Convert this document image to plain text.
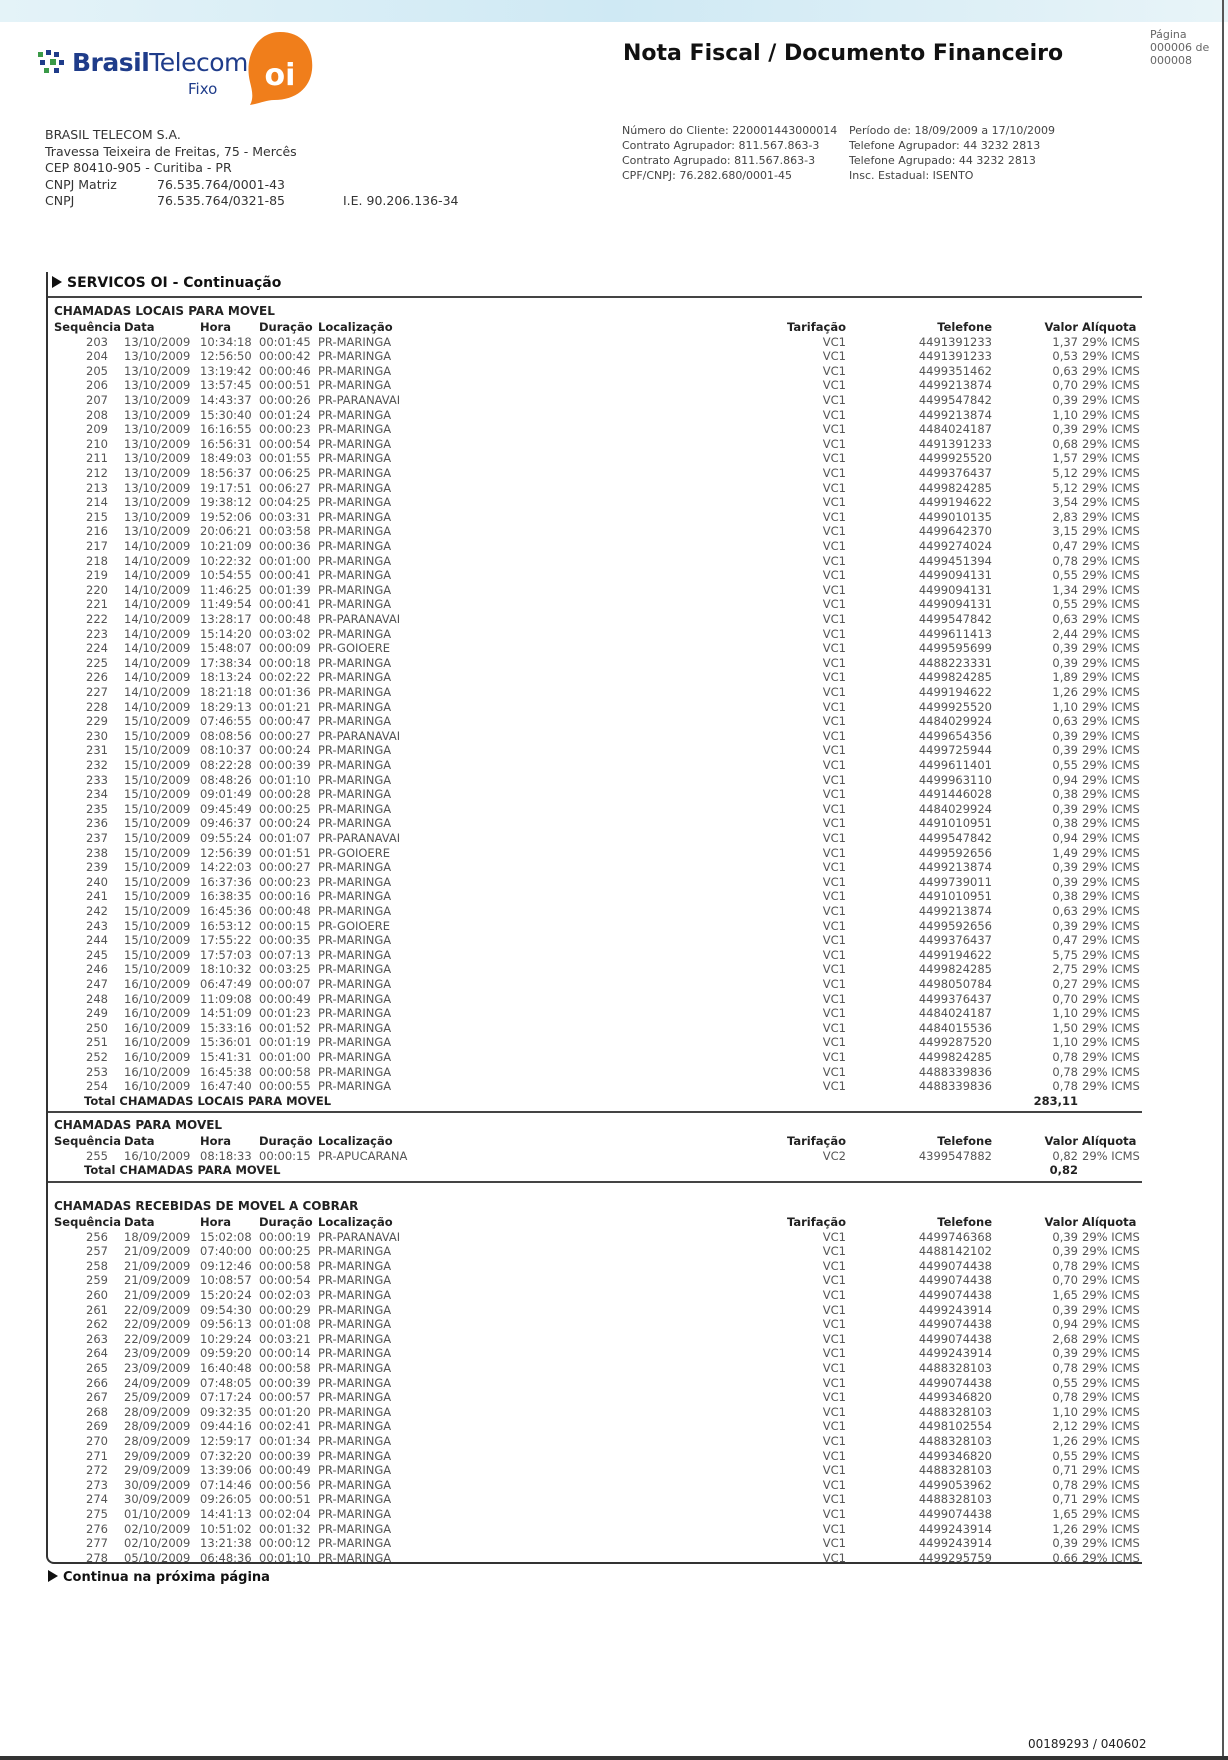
BrasilTelecom
Fixo oi
BRASIL TELECOM S.A.
Travessa Teixeira de Freitas, 75 - Mercês
CEP 80410-905 - Curitiba - PR
CNPJ Matriz	76.535.764/0001-43
CNPJ	76.535.764/0321-85	I.E. 90.206.136-34
Nota Fiscal / Documento Financeiro
Página
000006 de
000008
Número do Cliente: 220001443000014
Contrato Agrupador: 811.567.863-3
Contrato Agrupado: 811.567.863-3
CPF/CNPJ: 76.282.680/0001-45
Período de: 18/09/2009 a 17/10/2009
Telefone Agrupador: 44 3232 2813
Telefone Agrupado: 44 3232 2813
Insc. Estadual: ISENTO
SERVICOS OI - Continuação
CHAMADAS LOCAIS PARA MOVEL
Sequência Data	Hora Duração Localização	Tarifação	Telefone	Valor Alíquota
203 13/10/2009 10:34:18 00:01:45 PR-MARINGA	VC1	4491391233	1,37 29% ICMS
204 13/10/2009 12:56:50 00:00:42 PR-MARINGA	VC1	4491391233	0,53 29% ICMS
205 13/10/2009 13:19:42 00:00:46 PR-MARINGA	VC1	4499351462	0,63 29% ICMS
206 13/10/2009 13:57:45 00:00:51 PR-MARINGA	VC1	4499213874	0,70 29% ICMS
207 13/10/2009 14:43:37 00:00:26 PR-PARANAVAI	VC1	4499547842	0,39 29% ICMS
208 13/10/2009 15:30:40 00:01:24 PR-MARINGA	VC1	4499213874	1,10 29% ICMS
209 13/10/2009 16:16:55 00:00:23 PR-MARINGA	VC1	4484024187	0,39 29% ICMS
210 13/10/2009 16:56:31 00:00:54 PR-MARINGA	VC1	4491391233	0,68 29% ICMS
211 13/10/2009 18:49:03 00:01:55 PR-MARINGA	VC1	4499925520	1,57 29% ICMS
212 13/10/2009 18:56:37 00:06:25 PR-MARINGA	VC1	4499376437	5,12 29% ICMS
213 13/10/2009 19:17:51 00:06:27 PR-MARINGA	VC1	4499824285	5,12 29% ICMS
214 13/10/2009 19:38:12 00:04:25 PR-MARINGA	VC1	4499194622	3,54 29% ICMS
215 13/10/2009 19:52:06 00:03:31 PR-MARINGA	VC1	4499010135	2,83 29% ICMS
216 13/10/2009 20:06:21 00:03:58 PR-MARINGA	VC1	4499642370	3,15 29% ICMS
217 14/10/2009 10:21:09 00:00:36 PR-MARINGA	VC1	4499274024	0,47 29% ICMS
218 14/10/2009 10:22:32 00:01:00 PR-MARINGA	VC1	4499451394	0,78 29% ICMS
219 14/10/2009 10:54:55 00:00:41 PR-MARINGA	VC1	4499094131	0,55 29% ICMS
220 14/10/2009 11:46:25 00:01:39 PR-MARINGA	VC1	4499094131	1,34 29% ICMS
221 14/10/2009 11:49:54 00:00:41 PR-MARINGA	VC1	4499094131	0,55 29% ICMS
222 14/10/2009 13:28:17 00:00:48 PR-PARANAVAI	VC1	4499547842	0,63 29% ICMS
223 14/10/2009 15:14:20 00:03:02 PR-MARINGA	VC1	4499611413	2,44 29% ICMS
224 14/10/2009 15:48:07 00:00:09 PR-GOIOERE	VC1	4499595699	0,39 29% ICMS
225 14/10/2009 17:38:34 00:00:18 PR-MARINGA	VC1	4488223331	0,39 29% ICMS
226 14/10/2009 18:13:24 00:02:22 PR-MARINGA	VC1	4499824285	1,89 29% ICMS
227 14/10/2009 18:21:18 00:01:36 PR-MARINGA	VC1	4499194622	1,26 29% ICMS
228 14/10/2009 18:29:13 00:01:21 PR-MARINGA	VC1	4499925520	1,10 29% ICMS
229 15/10/2009 07:46:55 00:00:47 PR-MARINGA	VC1	4484029924	0,63 29% ICMS
230 15/10/2009 08:08:56 00:00:27 PR-PARANAVAI	VC1	4499654356	0,39 29% ICMS
231 15/10/2009 08:10:37 00:00:24 PR-MARINGA	VC1	4499725944	0,39 29% ICMS
232 15/10/2009 08:22:28 00:00:39 PR-MARINGA	VC1	4499611401	0,55 29% ICMS
233 15/10/2009 08:48:26 00:01:10 PR-MARINGA	VC1	4499963110	0,94 29% ICMS
234 15/10/2009 09:01:49 00:00:28 PR-MARINGA	VC1	4491446028	0,38 29% ICMS
235 15/10/2009 09:45:49 00:00:25 PR-MARINGA	VC1	4484029924	0,39 29% ICMS
236 15/10/2009 09:46:37 00:00:24 PR-MARINGA	VC1	4491010951	0,38 29% ICMS
237 15/10/2009 09:55:24 00:01:07 PR-PARANAVAI	VC1	4499547842	0,94 29% ICMS
238 15/10/2009 12:56:39 00:01:51 PR-GOIOERE	VC1	4499592656	1,49 29% ICMS
239 15/10/2009 14:22:03 00:00:27 PR-MARINGA	VC1	4499213874	0,39 29% ICMS
240 15/10/2009 16:37:36 00:00:23 PR-MARINGA	VC1	4499739011	0,39 29% ICMS
241 15/10/2009 16:38:35 00:00:16 PR-MARINGA	VC1	4491010951	0,38 29% ICMS
242 15/10/2009 16:45:36 00:00:48 PR-MARINGA	VC1	4499213874	0,63 29% ICMS
243 15/10/2009 16:53:12 00:00:15 PR-GOIOERE	VC1	4499592656	0,39 29% ICMS
244 15/10/2009 17:55:22 00:00:35 PR-MARINGA	VC1	4499376437	0,47 29% ICMS
245 15/10/2009 17:57:03 00:07:13 PR-MARINGA	VC1	4499194622	5,75 29% ICMS
246 15/10/2009 18:10:32 00:03:25 PR-MARINGA	VC1	4499824285	2,75 29% ICMS
247 16/10/2009 06:47:49 00:00:07 PR-MARINGA	VC1	4498050784	0,27 29% ICMS
248 16/10/2009 11:09:08 00:00:49 PR-MARINGA	VC1	4499376437	0,70 29% ICMS
249 16/10/2009 14:51:09 00:01:23 PR-MARINGA	VC1	4484024187	1,10 29% ICMS
250 16/10/2009 15:33:16 00:01:52 PR-MARINGA	VC1	4484015536	1,50 29% ICMS
251 16/10/2009 15:36:01 00:01:19 PR-MARINGA	VC1	4499287520	1,10 29% ICMS
252 16/10/2009 15:41:31 00:01:00 PR-MARINGA	VC1	4499824285	0,78 29% ICMS
253 16/10/2009 16:45:38 00:00:58 PR-MARINGA	VC1	4488339836	0,78 29% ICMS
254 16/10/2009 16:47:40 00:00:55 PR-MARINGA	VC1	4488339836	0,78 29% ICMS
Total CHAMADAS LOCAIS PARA MOVEL	283,11
CHAMADAS PARA MOVEL
Sequência Data	Hora Duração Localização	Tarifação	Telefone	Valor Alíquota
255 16/10/2009 08:18:33 00:00:15 PR-APUCARANA	VC2	4399547882	0,82 29% ICMS
Total CHAMADAS PARA MOVEL	0,82
CHAMADAS RECEBIDAS DE MOVEL A COBRAR
Sequência Data	Hora Duração Localização	Tarifação	Telefone	Valor Alíquota
256 18/09/2009 15:02:08 00:00:19 PR-PARANAVAI	VC1	4499746368	0,39 29% ICMS
257 21/09/2009 07:40:00 00:00:25 PR-MARINGA	VC1	4488142102	0,39 29% ICMS
258 21/09/2009 09:12:46 00:00:58 PR-MARINGA	VC1	4499074438	0,78 29% ICMS
259 21/09/2009 10:08:57 00:00:54 PR-MARINGA	VC1	4499074438	0,70 29% ICMS
260 21/09/2009 15:20:24 00:02:03 PR-MARINGA	VC1	4499074438	1,65 29% ICMS
261 22/09/2009 09:54:30 00:00:29 PR-MARINGA	VC1	4499243914	0,39 29% ICMS
262 22/09/2009 09:56:13 00:01:08 PR-MARINGA	VC1	4499074438	0,94 29% ICMS
263 22/09/2009 10:29:24 00:03:21 PR-MARINGA	VC1	4499074438	2,68 29% ICMS
264 23/09/2009 09:59:20 00:00:14 PR-MARINGA	VC1	4499243914	0,39 29% ICMS
265 23/09/2009 16:40:48 00:00:58 PR-MARINGA	VC1	4488328103	0,78 29% ICMS
266 24/09/2009 07:48:05 00:00:39 PR-MARINGA	VC1	4499074438	0,55 29% ICMS
267 25/09/2009 07:17:24 00:00:57 PR-MARINGA	VC1	4499346820	0,78 29% ICMS
268 28/09/2009 09:32:35 00:01:20 PR-MARINGA	VC1	4488328103	1,10 29% ICMS
269 28/09/2009 09:44:16 00:02:41 PR-MARINGA	VC1	4498102554	2,12 29% ICMS
270 28/09/2009 12:59:17 00:01:34 PR-MARINGA	VC1	4488328103	1,26 29% ICMS
271 29/09/2009 07:32:20 00:00:39 PR-MARINGA	VC1	4499346820	0,55 29% ICMS
272 29/09/2009 13:39:06 00:00:49 PR-MARINGA	VC1	4488328103	0,71 29% ICMS
273 30/09/2009 07:14:46 00:00:56 PR-MARINGA	VC1	4499053962	0,78 29% ICMS
274 30/09/2009 09:26:05 00:00:51 PR-MARINGA	VC1	4488328103	0,71 29% ICMS
275 01/10/2009 14:41:13 00:02:04 PR-MARINGA	VC1	4499074438	1,65 29% ICMS
276 02/10/2009 10:51:02 00:01:32 PR-MARINGA	VC1	4499243914	1,26 29% ICMS
277 02/10/2009 13:21:38 00:00:12 PR-MARINGA	VC1	4499243914	0,39 29% ICMS
278 05/10/2009 06:48:36 00:01:10 PR-MARINGA	VC1	4499295759	0,66 29% ICMS
Continua na próxima página
00189293 / 040602
